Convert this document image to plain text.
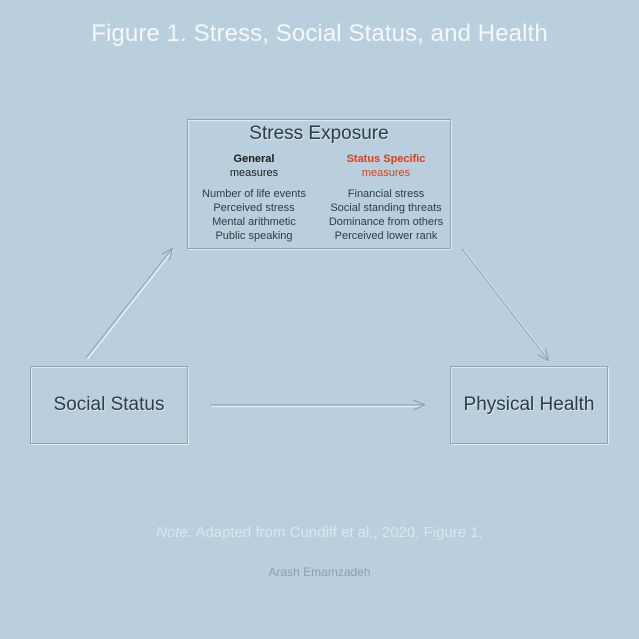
Figure 1. Stress, Social Status, and Health
Stress Exposure
General
measures
Number of life events
Perceived stress
Mental arithmetic
Public speaking
Status Specific
measures
Financial stress
Social standing threats
Dominance from others
Perceived lower rank
Social Status	Physical Health
Note. Adapted from Cundiff et al., 2020, Figure 1,
Arash Emamzadeh
